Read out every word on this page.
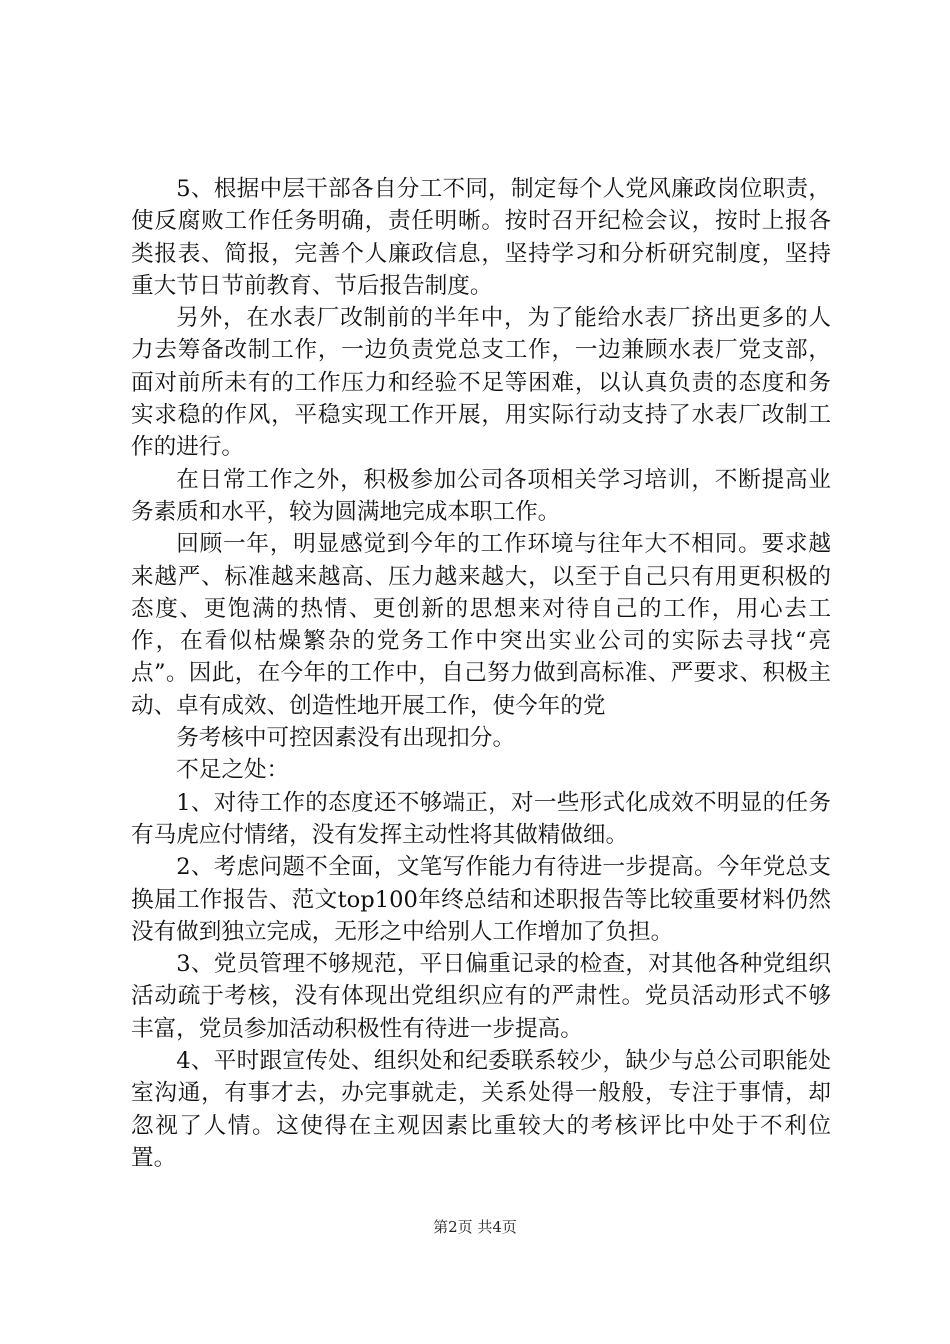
5、根据中层干部各自分工不同，制定每个人党风廉政岗位职责，使反腐败工作任务明确，责任明晰。按时召开纪检会议，按时上报各类报表、简报，完善个人廉政信息，坚持学习和分析研究制度，坚持重大节日节前教育、节后报告制度。

另外，在水表厂改制前的半年中，为了能给水表厂挤出更多的人力去筹备改制工作，一边负责党总支工作，一边兼顾水表厂党支部，面对前所未有的工作压力和经验不足等困难，以认真负责的态度和务实求稳的作风，平稳实现工作开展，用实际行动支持了水表厂改制工作的进行。

在日常工作之外，积极参加公司各项相关学习培训，不断提高业务素质和水平，较为圆满地完成本职工作。

回顾一年，明显感觉到今年的工作环境与往年大不相同。要求越来越严、标准越来越高、压力越来越大，以至于自己只有用更积极的态度、更饱满的热情、更创新的思想来对待自己的工作，用心去工作，在看似枯燥繁杂的党务工作中突出实业公司的实际去寻找“亮点”。因此，在今年的工作中，自己努力做到高标准、严要求、积极主动、卓有成效、创造性地开展工作，使今年的党

务考核中可控因素没有出现扣分。

不足之处：

1、对待工作的态度还不够端正，对一些形式化成效不明显的任务有马虎应付情绪，没有发挥主动性将其做精做细。

2、考虑问题不全面，文笔写作能力有待进一步提高。今年党总支换届工作报告、范文top100年终总结和述职报告等比较重要材料仍然没有做到独立完成，无形之中给别人工作增加了负担。

3、党员管理不够规范，平日偏重记录的检查，对其他各种党组织活动疏于考核，没有体现出党组织应有的严肃性。党员活动形式不够丰富，党员参加活动积极性有待进一步提高。

4、平时跟宣传处、组织处和纪委联系较少，缺少与总公司职能处室沟通，有事才去，办完事就走，关系处得一般般，专注于事情，却忽视了人情。这使得在主观因素比重较大的考核评比中处于不利位置。

第2页 共4页
